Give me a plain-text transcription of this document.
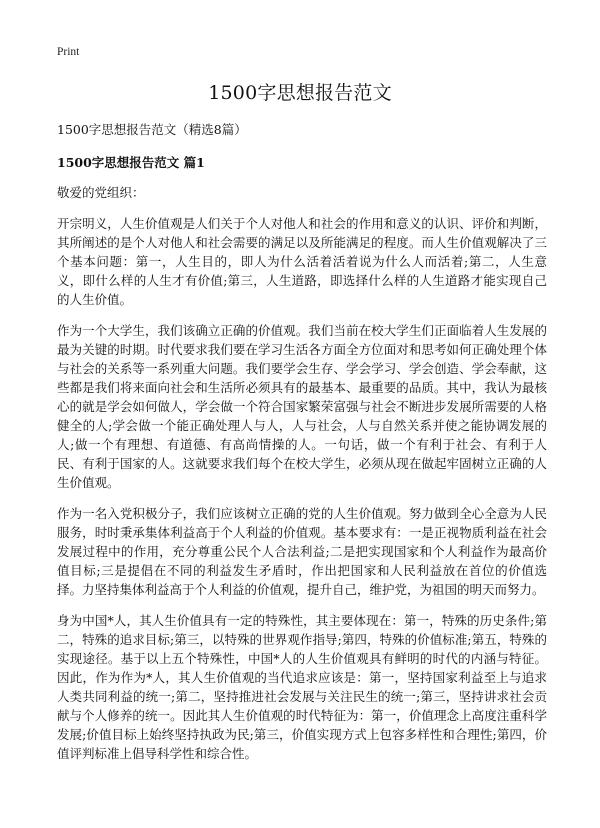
Print
1500字思想报告范文

1500字思想报告范文（精选8篇）

1500字思想报告范文 篇1

敬爱的党组织：

开宗明义，人生价值观是人们关于个人对他人和社会的作用和意义的认识、评价和判断，其所阐述的是个人对他人和社会需要的满足以及所能满足的程度。而人生价值观解决了三个基本问题：第一，人生目的，即人为什么活着活着说为什么人而活着;第二，人生意义，即什么样的人生才有价值;第三，人生道路，即选择什么样的人生道路才能实现自己的人生价值。

作为一个大学生，我们该确立正确的价值观。我们当前在校大学生们正面临着人生发展的最为关键的时期。时代要求我们要在学习生活各方面全方位面对和思考如何正确处理个体与社会的关系等一系列重大问题。我们要学会生存、学会学习、学会创造、学会奉献，这些都是我们将来面向社会和生活所必须具有的最基本、最重要的品质。其中，我认为最核心的就是学会如何做人，学会做一个符合国家繁荣富强与社会不断进步发展所需要的人格健全的人;学会做一个能正确处理人与人，人与社会，人与自然关系并使之能协调发展的人;做一个有理想、有道德、有高尚情操的人。一句话，做一个有利于社会、有利于人民、有利于国家的人。这就要求我们每个在校大学生，必须从现在做起牢固树立正确的人生价值观。

作为一名入党积极分子，我们应该树立正确的党的人生价值观。努力做到全心全意为人民服务，时时秉承集体利益高于个人利益的价值观。基本要求有：一是正视物质利益在社会发展过程中的作用，充分尊重公民个人合法利益;二是把实现国家和个人利益作为最高价值目标;三是提倡在不同的利益发生矛盾时，作出把国家和人民利益放在首位的价值选择。力坚持集体利益高于个人利益的价值观，提升自己，维护党，为祖国的明天而努力。

身为中国*人，其人生价值具有一定的特殊性，其主要体现在：第一，特殊的历史条件;第二，特殊的追求目标;第三，以特殊的世界观作指导;第四，特殊的价值标准;第五，特殊的实现途径。基于以上五个特殊性，中国*人的人生价值观具有鲜明的时代的内涵与特征。因此，作为作为*人，其人生价值观的当代追求应该是：第一，坚持国家利益至上与追求人类共同利益的统一;第二，坚持推进社会发展与关注民生的统一;第三，坚持讲求社会贡献与个人修养的统一。因此其人生价值观的时代特征为：第一，价值理念上高度注重科学发展;价值目标上始终坚持执政为民;第三，价值实现方式上包容多样性和合理性;第四，价值评判标准上倡导科学性和综合性。
